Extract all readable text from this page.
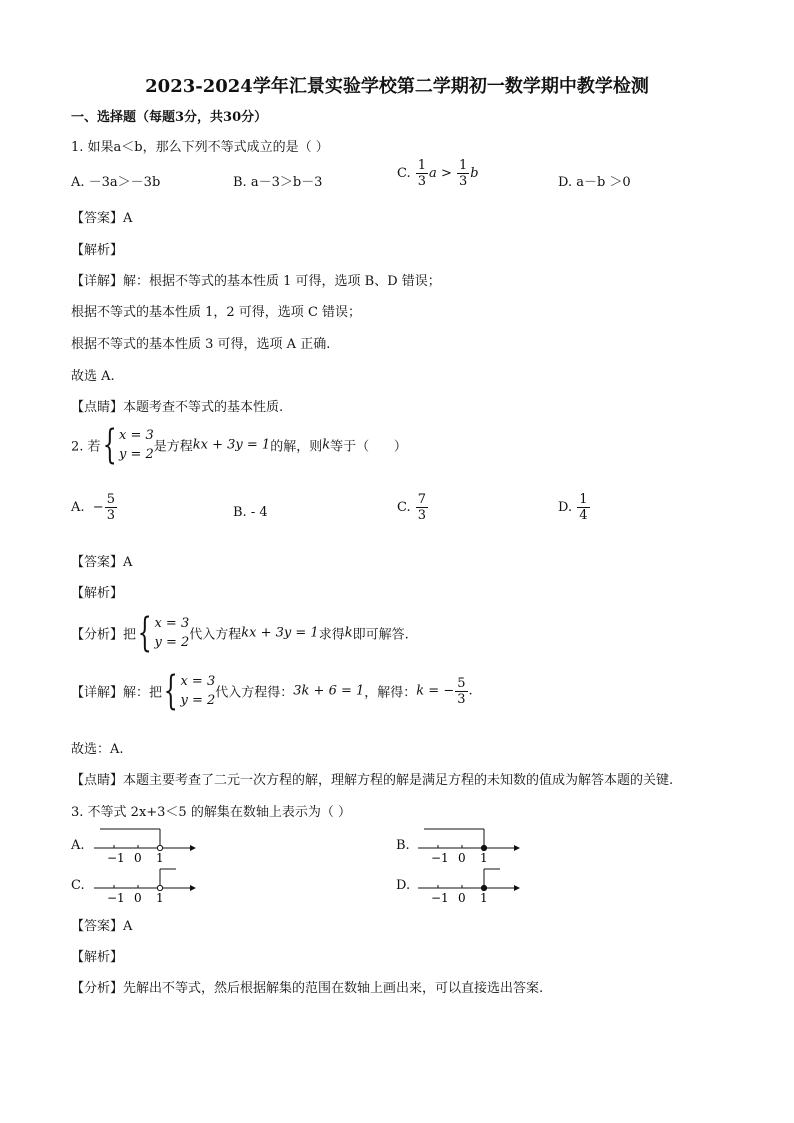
2023-2024学年汇景实验学校第二学期初一数学期中教学检测
一、选择题（每题3分，共30分）
1. 如果a＜b，那么下列不等式成立的是（ ）
A. －3a＞－3b	B. a－3＞b－3
C. $\frac{1}{3}$ $a > \frac{1}{3}$ b
D. a－b ＞0
【答案】A
【解析】
【详解】解：根据不等式的基本性质 1 可得，选项 B、D 错误；
根据不等式的基本性质 1，2 可得，选项 C 错误；
根据不等式的基本性质 3 可得，选项 A 正确.
故选 A.
【点睛】本题考查不等式的基本性质.
2. 若{ x = 3
y = 2 是方程kx + 3y = 1的解，则k等于（      ）
A.  − $\frac{5}{3}$	B. - 4	C. $\frac{7}{3}$	D. $\frac{1}{4}$
【答案】A
【解析】
【分析】把{ x = 3
y = 2 代入方程kx + 3y = 1求得k即可解答.
【详解】解：把{ x = 3
y = 2 代入方程得：3k + 6 = 1，解得：k = − $\frac{5}{3}$ .
故选：A.
【点睛】本题主要考查了二元一次方程的解，理解方程的解是满足方程的未知数的值成为解答本题的关键.
3. 不等式 2x+3＜5 的解集在数轴上表示为（ ）
A.
−1 0 1
B.
−1 0 1
C.
−1 0 1
D.
−1 0 1
【答案】A
【解析】
【分析】先解出不等式，然后根据解集的范围在数轴上画出来，可以直接选出答案.
